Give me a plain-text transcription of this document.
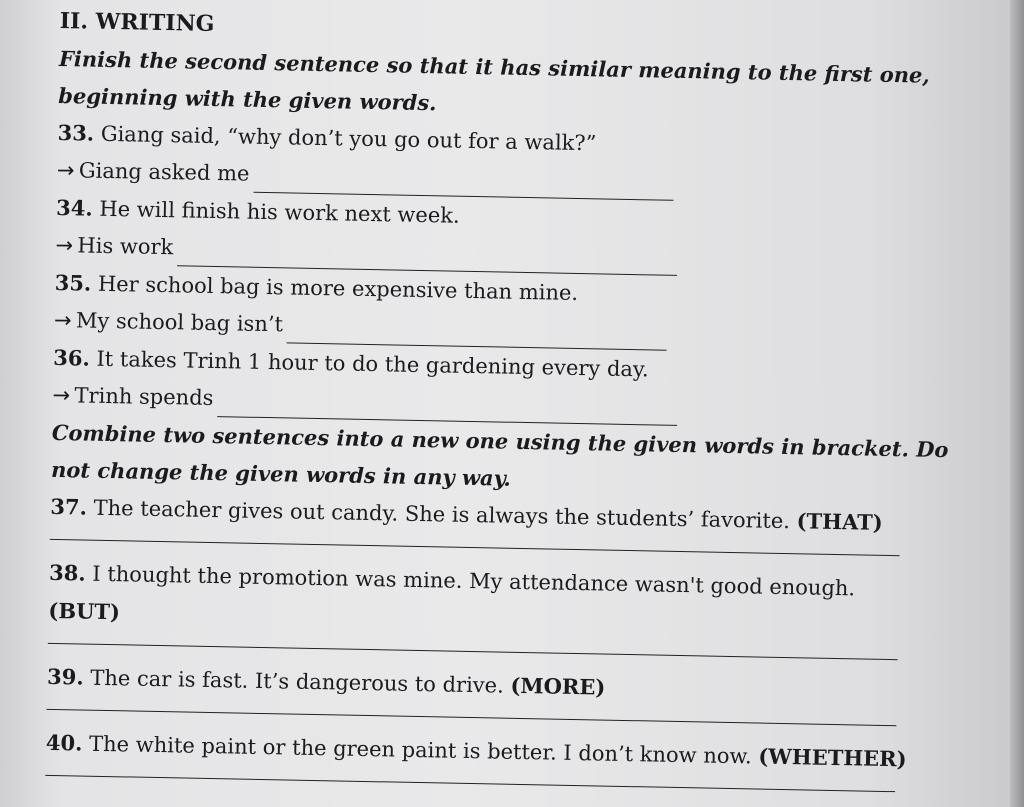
II. WRITING
Finish the second sentence so that it has similar meaning to the first one, beginning with the given words.
33. Giang said, “why don’t you go out for a walk?”
→ Giang asked me
34. He will finish his work next week.
→ His work
35. Her school bag is more expensive than mine.
→ My school bag isn’t
36. It takes Trinh 1 hour to do the gardening every day.
→ Trinh spends
Combine two sentences into a new one using the given words in bracket. Do not change the given words in any way.
37. The teacher gives out candy. She is always the students’ favorite. (THAT)
38. I thought the promotion was mine. My attendance wasn't good enough.
(BUT)
39. The car is fast. It’s dangerous to drive. (MORE)
40. The white paint or the green paint is better. I don’t know now. (WHETHER)
